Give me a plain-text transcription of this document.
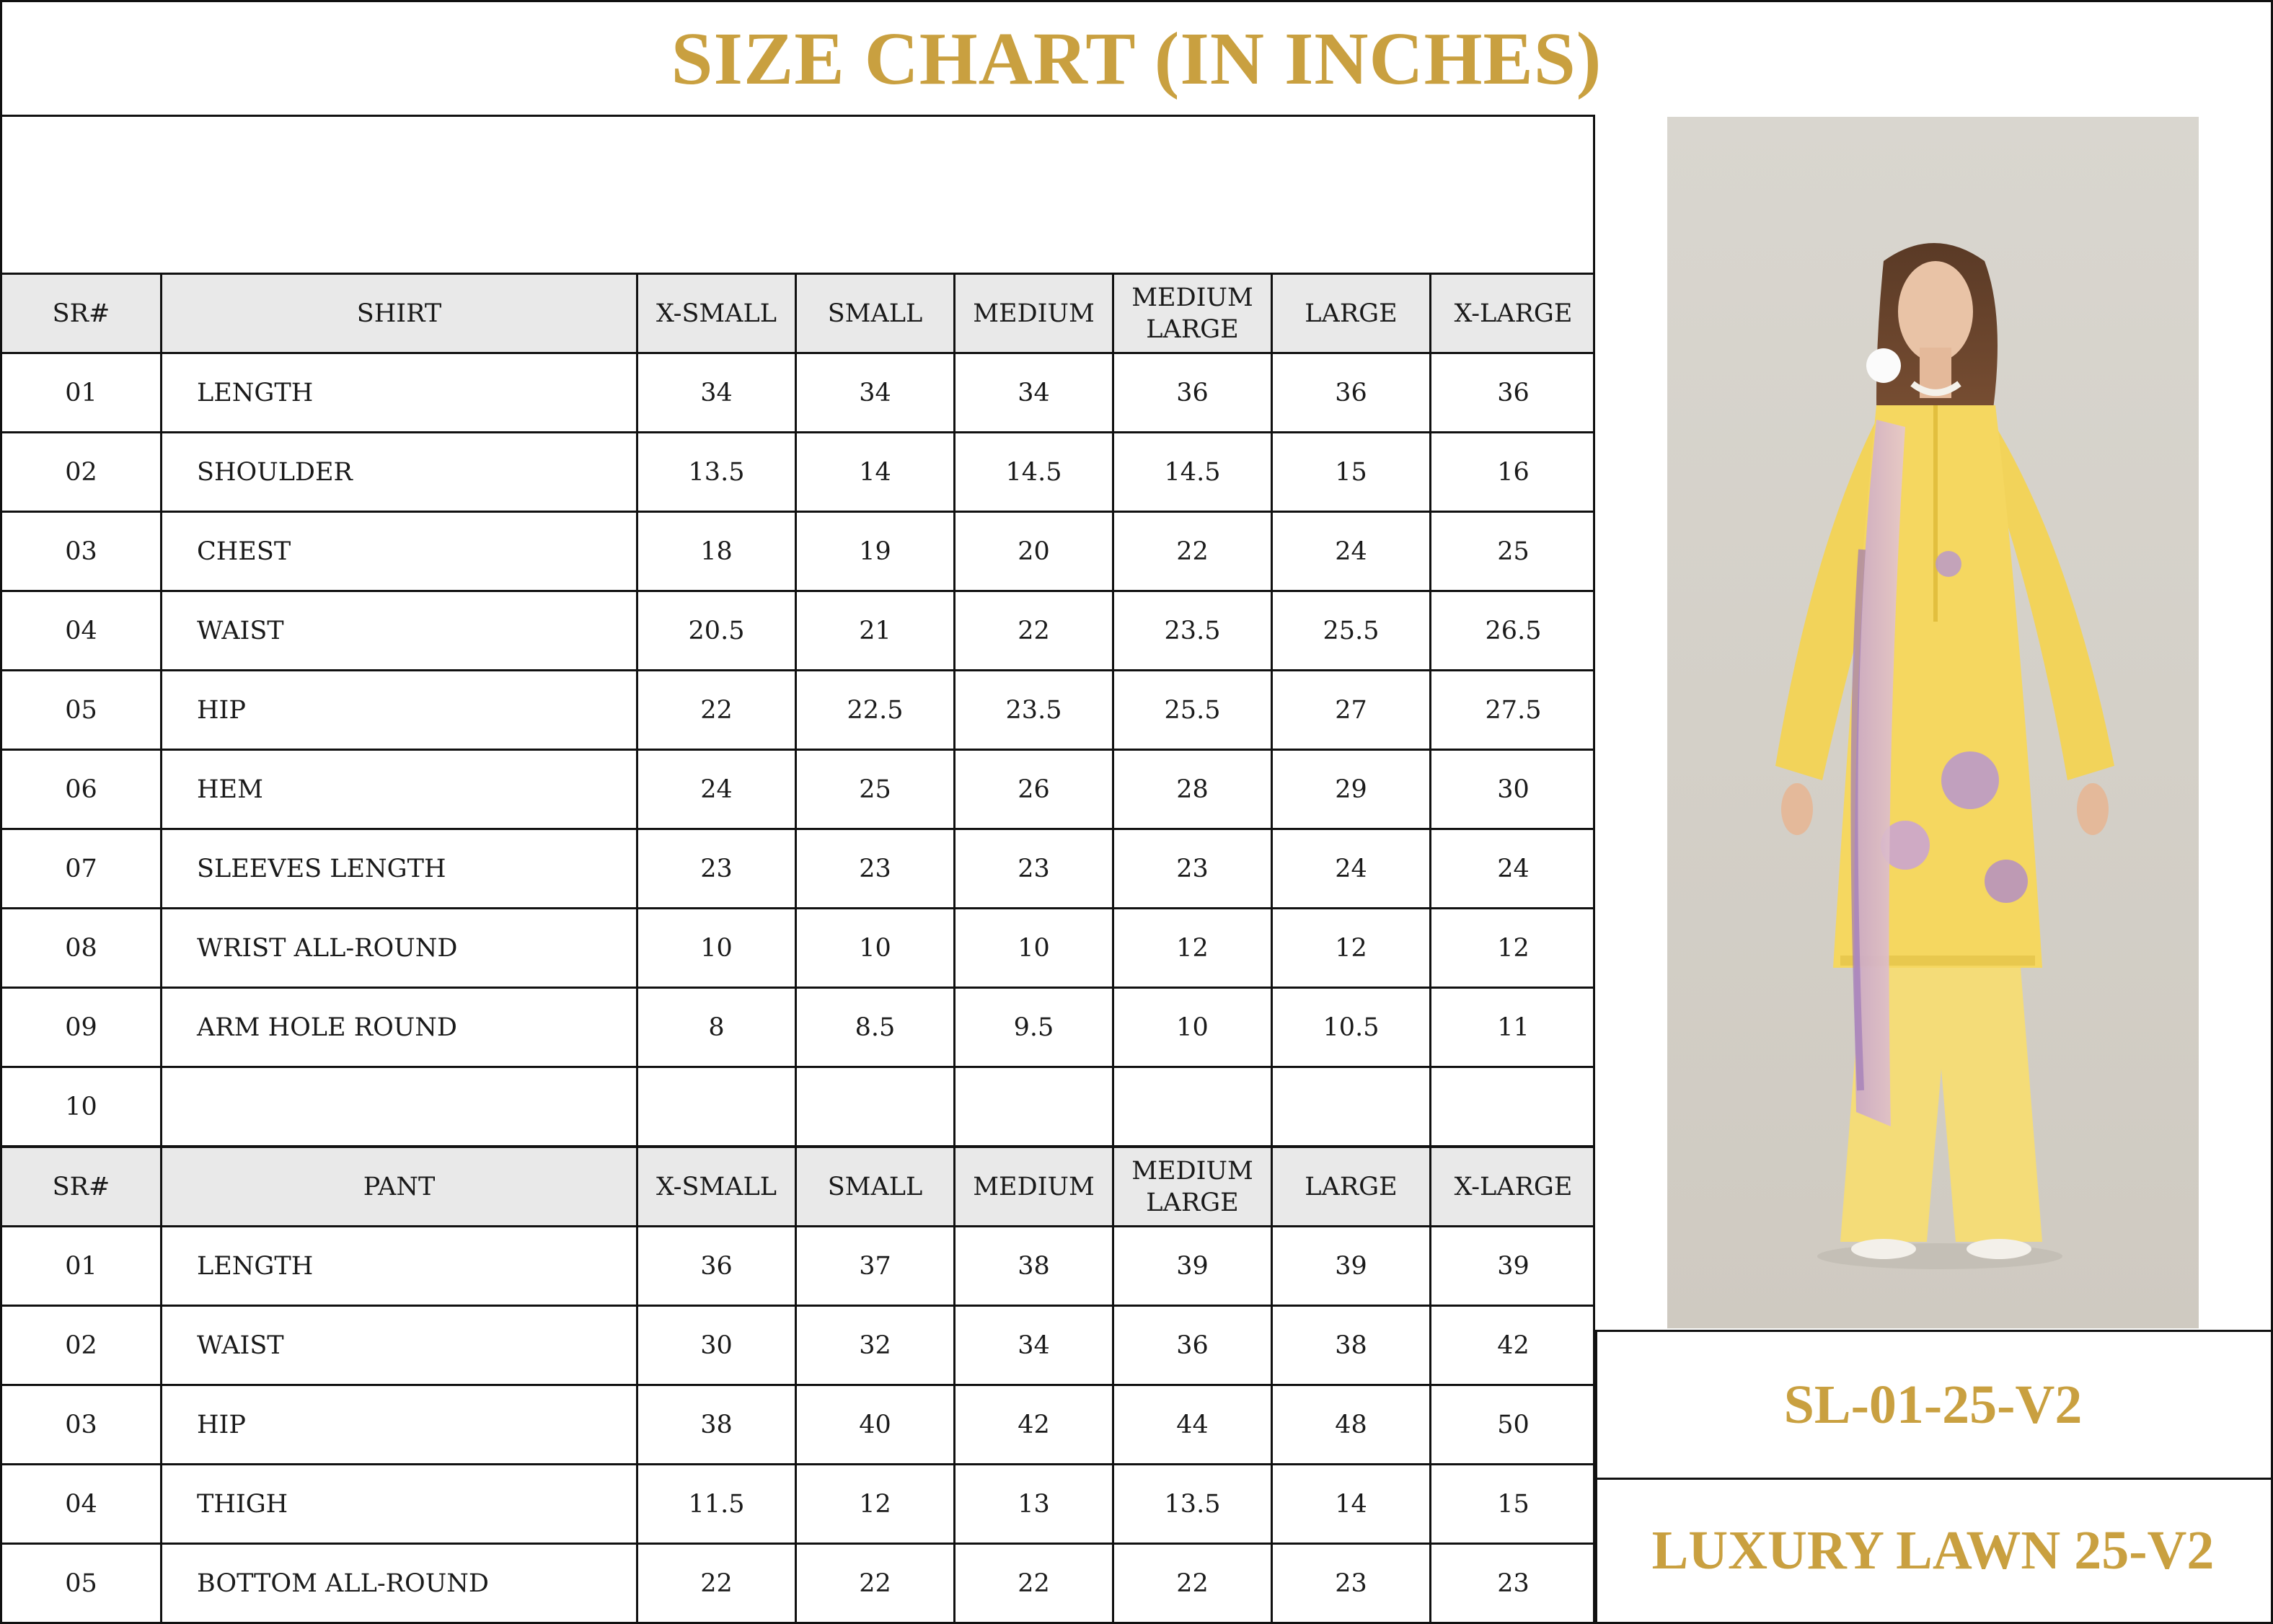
SIZE CHART (IN INCHES)
SR#	SHIRT	X-SMALL	SMALL	MEDIUM	MEDIUM LARGE	LARGE	X-LARGE
01	LENGTH	34	34	34	36	36	36
02	SHOULDER	13.5	14	14.5	14.5	15	16
03	CHEST	18	19	20	22	24	25
04	WAIST	20.5	21	22	23.5	25.5	26.5
05	HIP	22	22.5	23.5	25.5	27	27.5
06	HEM	24	25	26	28	29	30
07	SLEEVES LENGTH	23	23	23	23	24	24
08	WRIST ALL-ROUND	10	10	10	12	12	12
09	ARM HOLE ROUND	8	8.5	9.5	10	10.5	11
10							
SR#	PANT	X-SMALL	SMALL	MEDIUM	MEDIUM LARGE	LARGE	X-LARGE
01	LENGTH	36	37	38	39	39	39
02	WAIST	30	32	34	36	38	42
03	HIP	38	40	42	44	48	50
04	THIGH	11.5	12	13	13.5	14	15
05	BOTTOM ALL-ROUND	22	22	22	22	23	23
SL-01-25-V2
LUXURY LAWN 25-V2
